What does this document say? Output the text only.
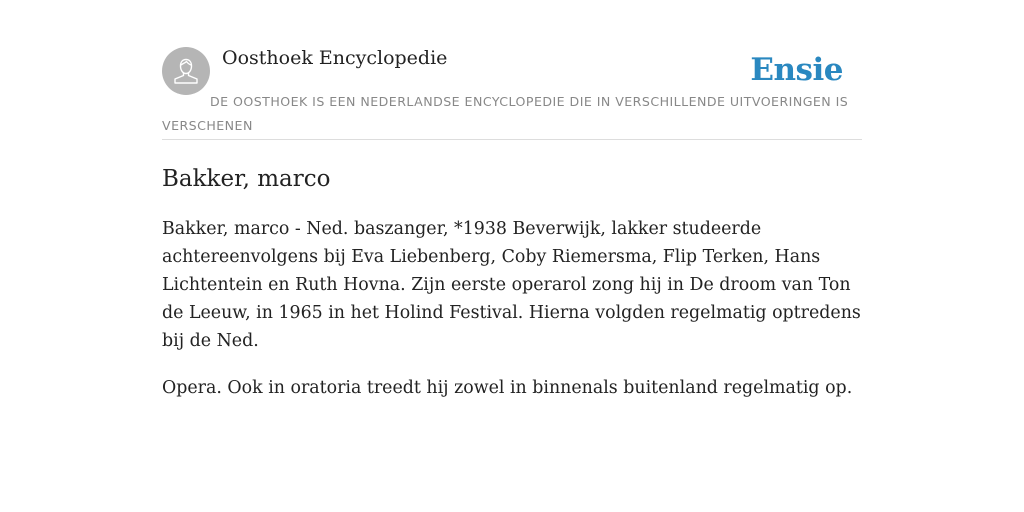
Oosthoek Encyclopedie	Ensie
DE OOSTHOEK IS EEN NEDERLANDSE ENCYCLOPEDIE DIE IN VERSCHILLENDE UITVOERINGEN IS VERSCHENEN
Bakker, marco

Bakker, marco - Ned. baszanger, *1938 Beverwijk, lakker studeerde achtereenvolgens bij Eva Liebenberg, Coby Riemersma, Flip Terken, Hans Lichtentein en Ruth Hovna. Zijn eerste operarol zong hij in De droom van Ton de Leeuw, in 1965 in het Holind Festival. Hierna volgden regelmatig optredens bij de Ned.

Opera. Ook in oratoria treedt hij zowel in binnenals buitenland regelmatig op.
